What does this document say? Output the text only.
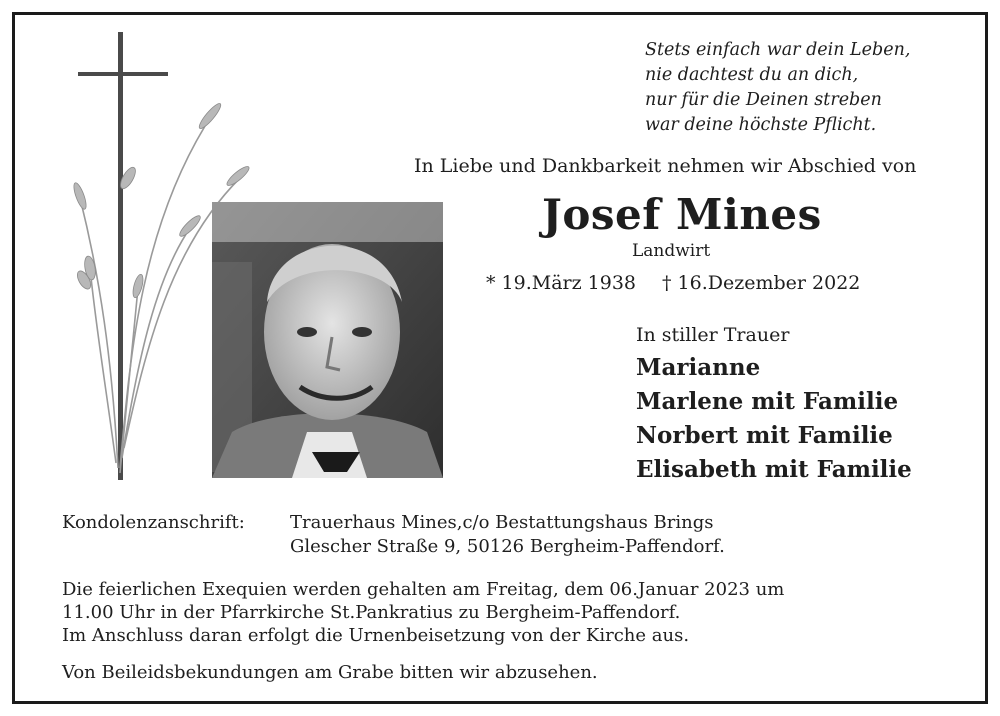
Stets einfach war dein Leben,
nie dachtest du an dich,
nur für die Deinen streben
war deine höchste Pflicht.
In Liebe und Dankbarkeit nehmen wir Abschied von
Josef Mines
Landwirt
* 19.März 1938 † 16.Dezember 2022
In stiller Trauer
Marianne
Marlene mit Familie
Norbert mit Familie
Elisabeth mit Familie
Kondolenzanschrift:	Trauerhaus Mines,c/o Bestattungshaus Brings
Glescher Straße 9, 50126 Bergheim-Paffendorf.
Die feierlichen Exequien werden gehalten am Freitag, dem 06.Januar 2023 um
11.00 Uhr in der Pfarrkirche St.Pankratius zu Bergheim-Paffendorf.
Im Anschluss daran erfolgt die Urnenbeisetzung von der Kirche aus.
Von Beileidsbekundungen am Grabe bitten wir abzusehen.
